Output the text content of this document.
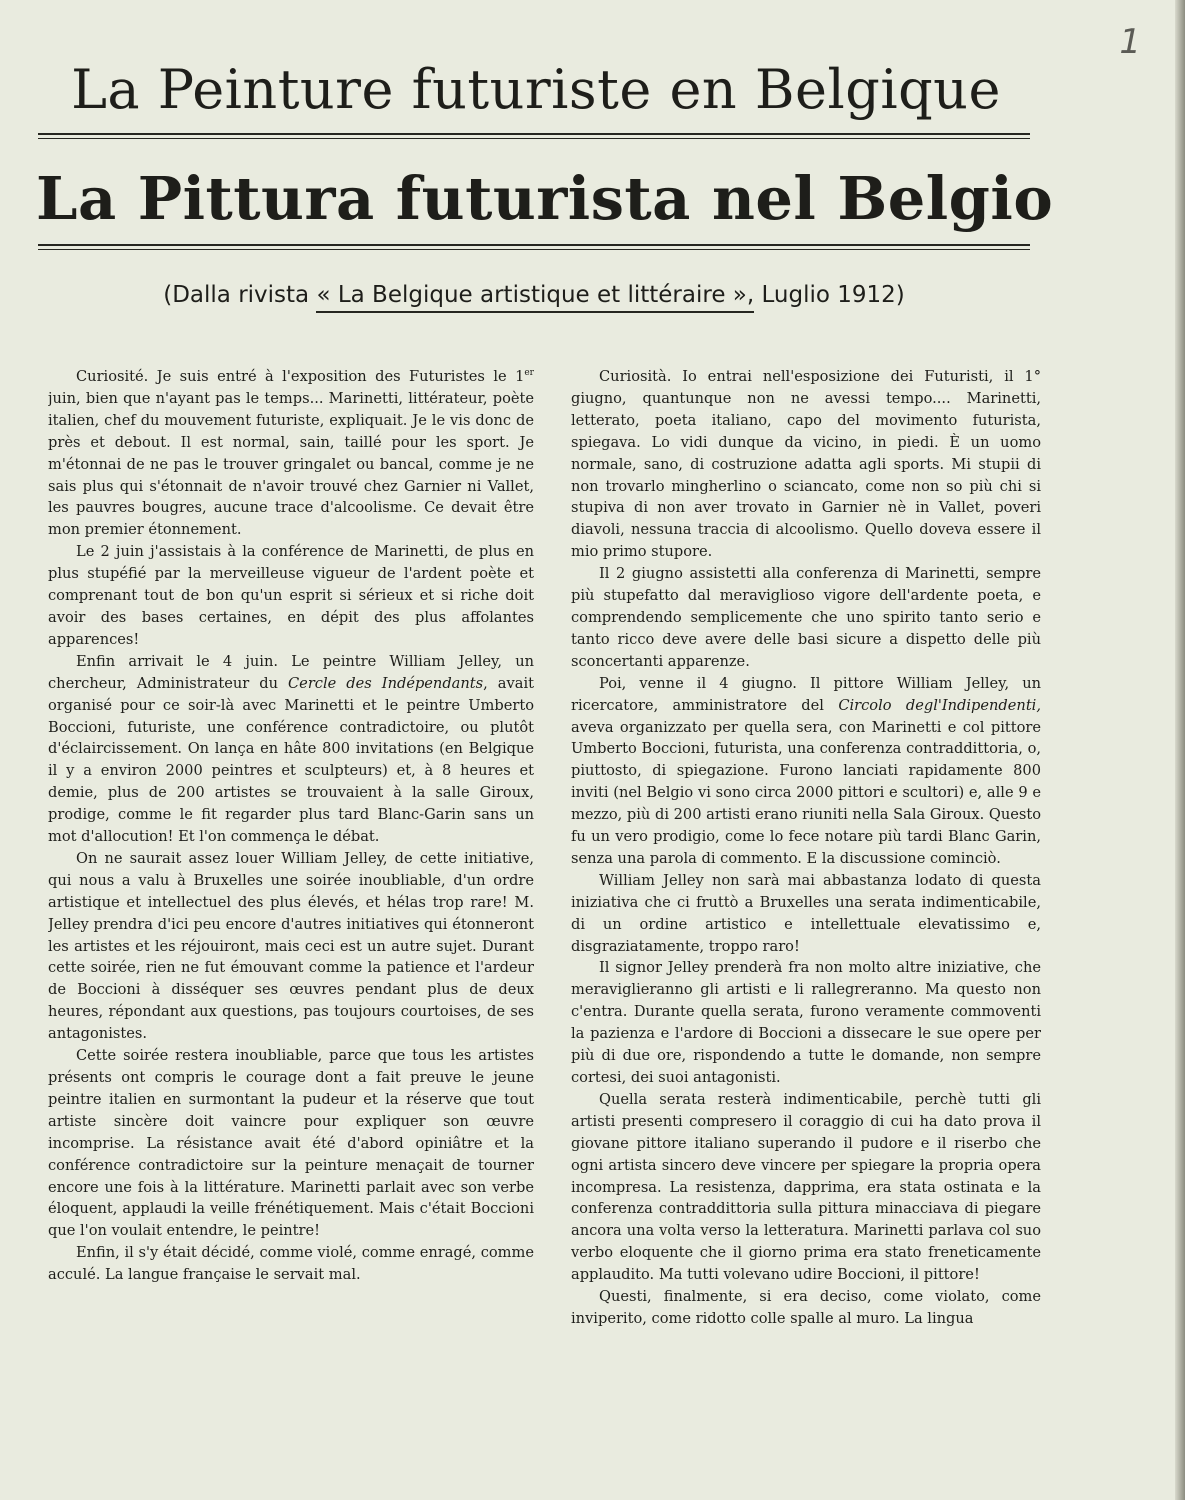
1
La Peinture futuriste en Belgique
La Pittura futurista nel Belgio
(Dalla rivista « La Belgique artistique et littéraire », Luglio 1912)

Curiosité. Je suis entré à l'exposition des Futuristes le 1er juin, bien que n'ayant pas le temps... Marinetti, littérateur, poète italien, chef du mouvement futuriste, expliquait. Je le vis donc de près et debout. Il est normal, sain, taillé pour les sport. Je m'étonnai de ne pas le trouver gringalet ou bancal, comme je ne sais plus qui s'étonnait de n'avoir trouvé chez Garnier ni Vallet, les pauvres bougres, aucune trace d'alcoolisme. Ce devait être mon premier étonnement.

Le 2 juin j'assistais à la conférence de Marinetti, de plus en plus stupéfié par la merveilleuse vigueur de l'ardent poète et comprenant tout de bon qu'un esprit si sérieux et si riche doit avoir des bases certaines, en dépit des plus affolantes apparences!

Enfin arrivait le 4 juin. Le peintre William Jelley, un chercheur, Administrateur du Cercle des Indépendants, avait organisé pour ce soir-là avec Marinetti et le peintre Umberto Boccioni, futuriste, une conférence contradictoire, ou plutôt d'éclaircissement. On lança en hâte 800 invitations (en Belgique il y a environ 2000 peintres et sculpteurs) et, à 8 heures et demie, plus de 200 artistes se trouvaient à la salle Giroux, prodige, comme le fit regarder plus tard Blanc-Garin sans un mot d'allocution! Et l'on commença le débat.

On ne saurait assez louer William Jelley, de cette initiative, qui nous a valu à Bruxelles une soirée inoubliable, d'un ordre artistique et intellectuel des plus élevés, et hélas trop rare! M. Jelley prendra d'ici peu encore d'autres initiatives qui étonneront les artistes et les réjouiront, mais ceci est un autre sujet. Durant cette soirée, rien ne fut émouvant comme la patience et l'ardeur de Boccioni à disséquer ses œuvres pendant plus de deux heures, répondant aux questions, pas toujours courtoises, de ses antagonistes.

Cette soirée restera inoubliable, parce que tous les artistes présents ont compris le courage dont a fait preuve le jeune peintre italien en surmontant la pudeur et la réserve que tout artiste sincère doit vaincre pour expliquer son œuvre incomprise. La résistance avait été d'abord opiniâtre et la conférence contradictoire sur la peinture menaçait de tourner encore une fois à la littérature. Marinetti parlait avec son verbe éloquent, applaudi la veille frénétiquement. Mais c'était Boccioni que l'on voulait entendre, le peintre!

Enfin, il s'y était décidé, comme violé, comme enragé, comme acculé. La langue française le servait mal.

Curiosità. Io entrai nell'esposizione dei Futuristi, il 1° giugno, quantunque non ne avessi tempo.... Marinetti, letterato, poeta italiano, capo del movimento futurista, spiegava. Lo vidi dunque da vicino, in piedi. È un uomo normale, sano, di costruzione adatta agli sports. Mi stupii di non trovarlo mingherlino o sciancato, come non so più chi si stupiva di non aver trovato in Garnier nè in Vallet, poveri diavoli, nessuna traccia di alcoolismo. Quello doveva essere il mio primo stupore.

Il 2 giugno assistetti alla conferenza di Marinetti, sempre più stupefatto dal meraviglioso vigore dell'ardente poeta, e comprendendo semplicemente che uno spirito tanto serio e tanto ricco deve avere delle basi sicure a dispetto delle più sconcertanti apparenze.

Poi, venne il 4 giugno. Il pittore William Jelley, un ricercatore, amministratore del Circolo degl'Indipendenti, aveva organizzato per quella sera, con Marinetti e col pittore Umberto Boccioni, futurista, una conferenza contraddittoria, o, piuttosto, di spiegazione. Furono lanciati rapidamente 800 inviti (nel Belgio vi sono circa 2000 pittori e scultori) e, alle 9 e mezzo, più di 200 artisti erano riuniti nella Sala Giroux. Questo fu un vero prodigio, come lo fece notare più tardi Blanc Garin, senza una parola di commento. E la discussione cominciò.

William Jelley non sarà mai abbastanza lodato di questa iniziativa che ci fruttò a Bruxelles una serata indimenticabile, di un ordine artistico e intellettuale elevatissimo e, disgraziatamente, troppo raro!

Il signor Jelley prenderà fra non molto altre iniziative, che meraviglieranno gli artisti e li rallegreranno. Ma questo non c'entra. Durante quella serata, furono veramente commoventi la pazienza e l'ardore di Boccioni a dissecare le sue opere per più di due ore, rispondendo a tutte le domande, non sempre cortesi, dei suoi antagonisti.

Quella serata resterà indimenticabile, perchè tutti gli artisti presenti compresero il coraggio di cui ha dato prova il giovane pittore italiano superando il pudore e il riserbo che ogni artista sincero deve vincere per spiegare la propria opera incompresa. La resistenza, dapprima, era stata ostinata e la conferenza contraddittoria sulla pittura minacciava di piegare ancora una volta verso la letteratura. Marinetti parlava col suo verbo eloquente che il giorno prima era stato freneticamente applaudito. Ma tutti volevano udire Boccioni, il pittore!

Questi, finalmente, si era deciso, come violato, come inviperito, come ridotto colle spalle al muro. La lingua
